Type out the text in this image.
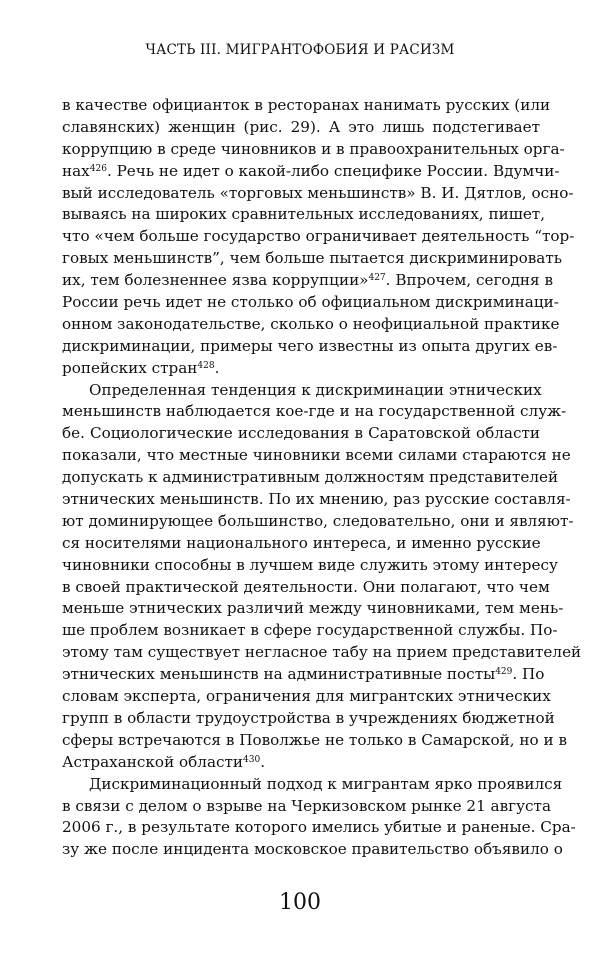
ЧАСТЬ III. МИГРАНТОФОБИЯ И РАСИЗМ
в качестве официанток в ресторанах нанимать русских (или
славянских) женщин (рис. 29). А это лишь подстегивает
коррупцию в среде чиновников и в правоохранительных орга-
нах$^{426}$. Речь не идет о какой-либо специфике России. Вдумчи-
вый исследователь «торговых меньшинств» В. И. Дятлов, осно-
вываясь на широких сравнительных исследованиях, пишет,
что «чем больше государство ограничивает деятельность “тор-
говых меньшинств”, чем больше пытается дискриминировать
их, тем болезненнее язва коррупции»$^{427}$. Впрочем, сегодня в
России речь идет не столько об официальном дискриминаци-
онном законодательстве, сколько о неофициальной практике
дискриминации, примеры чего известны из опыта других ев-
ропейских стран$^{428}$.
Определенная тенденция к дискриминации этнических
меньшинств наблюдается кое-где и на государственной служ-
бе. Социологические исследования в Саратовской области
показали, что местные чиновники всеми силами стараются не
допускать к административным должностям представителей
этнических меньшинств. По их мнению, раз русские составля-
ют доминирующее большинство, следовательно, они и являют-
ся носителями национального интереса, и именно русские
чиновники способны в лучшем виде служить этому интересу
в своей практической деятельности. Они полагают, что чем
меньше этнических различий между чиновниками, тем мень-
ше проблем возникает в сфере государственной службы. По-
этому там существует негласное табу на прием представителей
этнических меньшинств на административные посты$^{429}$. По
словам эксперта, ограничения для мигрантских этнических
групп в области трудоустройства в учреждениях бюджетной
сферы встречаются в Поволжье не только в Самарской, но и в
Астраханской области$^{430}$.
Дискриминационный подход к мигрантам ярко проявился
в связи с делом о взрыве на Черкизовском рынке 21 августа
2006 г., в результате которого имелись убитые и раненые. Сра-
зу же после инцидента московское правительство объявило о
100
